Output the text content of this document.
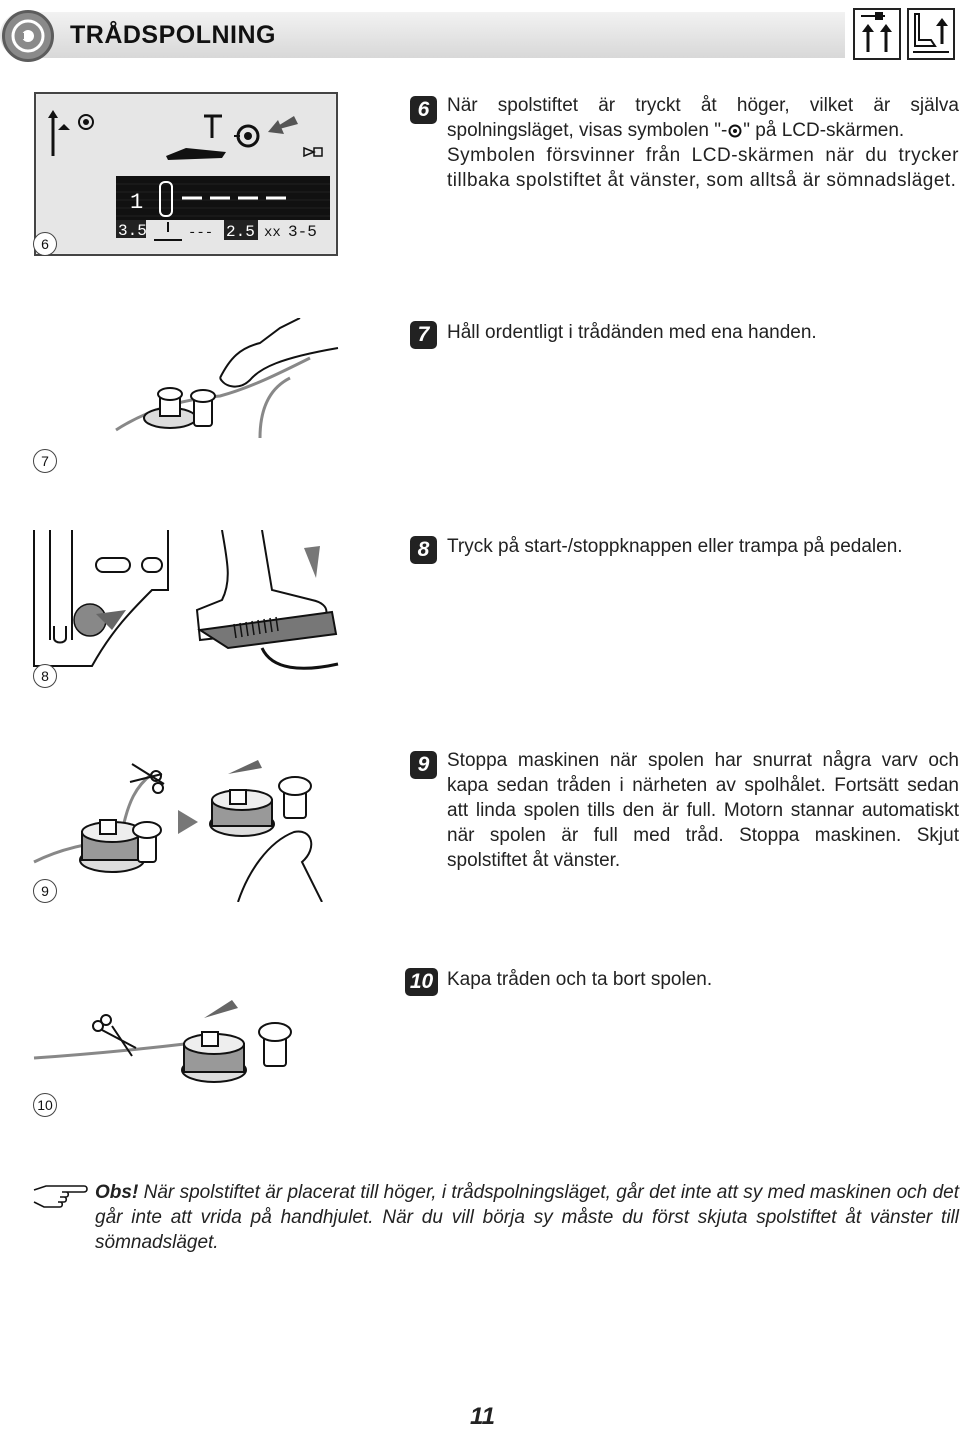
TRÅDSPOLNING
1
3.5	--- 2.5 xx 3-5
6
6 När spolstiftet är tryckt åt höger, vilket är själva spolningsläget, visas symbolen "- " på LCD-skärmen.
Symbolen försvinner från LCD-skärmen när du trycker tillbaka spolstiftet åt vänster, som alltså är sömnadsläget.
7
7 Håll ordentligt i trådänden med ena handen.
8
8 Tryck på start-/stoppknappen eller trampa på pedalen.
9
9 Stoppa maskinen när spolen har snurrat några varv och kapa sedan tråden i närheten av spolhålet. Fortsätt sedan att linda spolen tills den är full. Motorn stannar automatiskt när spolen är full med tråd. Stoppa maskinen. Skjut spolstiftet åt vänster.
10
10 Kapa tråden och ta bort spolen.
Obs! När spolstiftet är placerat till höger, i trådspolningsläget, går det inte att sy med maskinen och det går inte att vrida på handhjulet. När du vill börja sy måste du först skjuta spolstiftet åt vänster till sömnadsläget.
11
